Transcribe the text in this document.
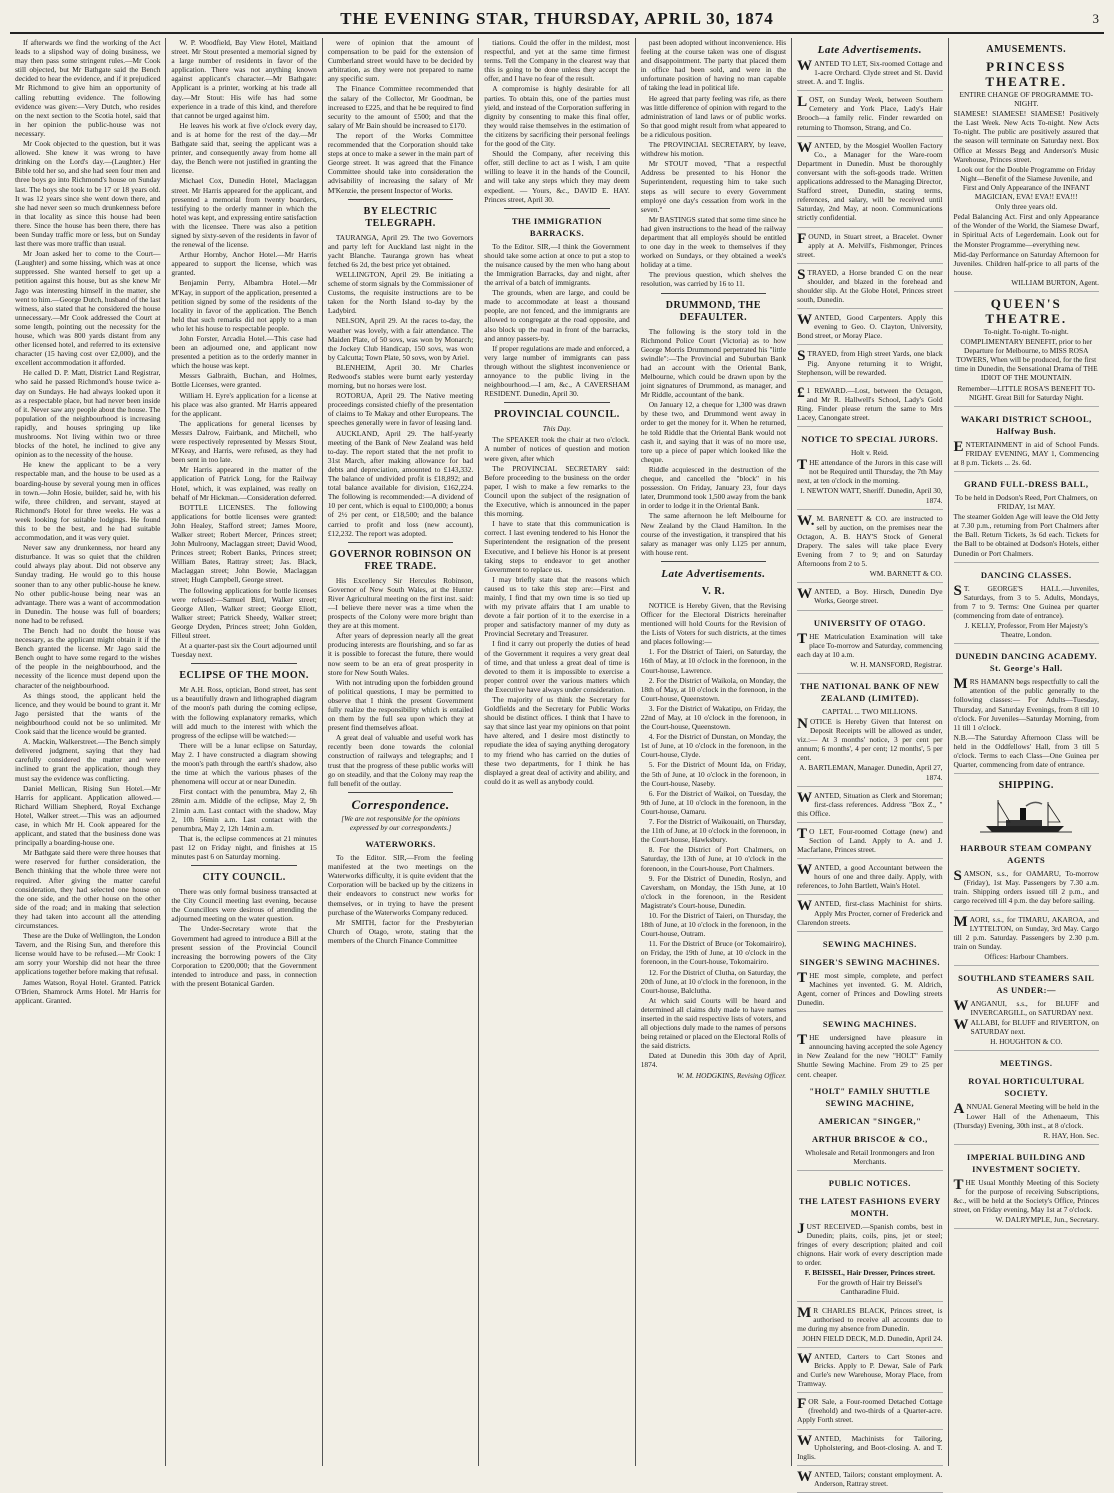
THE EVENING STAR, THURSDAY, APRIL 30, 1874	3

If afterwards we find the working of the Act leads to a slipshod way of doing business, we may then pass some stringent rules.—Mr Cook still objected, but Mr Bathgate said the Bench decided to hear the evidence, and if it prejudiced Mr Richmond to give him an opportunity of calling rebutting evidence. The following evidence was given:—Very Dutch, who resides on the next section to the Scotia hotel, said that in her opinion the public-house was not necessary.

Mr Cook objected to the question, but it was allowed. She knew it was wrong to have drinking on the Lord's day.—(Laughter.) Her Bible told her so, and she had seen four men and three boys go into Richmond's house on Sunday last. The boys she took to be 17 or 18 years old. It was 12 years since she went down there, and she had never seen so much drunkenness before in that locality as since this house had been there. Since the house has been there, there has been Sunday traffic more or less, but on Sunday last there was more traffic than usual.

Mr Joan asked her to come to the Court—(Laughter) and some hissing, which was at once suppressed. She wanted herself to get up a petition against this house, but as she knew Mr Jago was interesting himself in the matter, she went to him.—George Dutch, husband of the last witness, also stated that he considered the house unnecessary.—Mr Cook addressed the Court at some length, pointing out the necessity for the house, which was 800 yards distant from any other licensed hotel, and referred to its extensive character (15 having cost over £2,000), and the excellent accommodation it afforded.

He called D. P. Matt, District Land Registrar, who said he passed Richmond's house twice a-day on Sundays. He had always looked upon it as a respectable place, but had never been inside of it. Never saw any people about the house. The population of the neighbourhood is increasing rapidly, and houses springing up like mushrooms. Not living within two or three blocks of the hotel, he inclined to give any opinion as to the necessity of the house.

He knew the applicant to be a very respectable man, and the house to be used as a boarding-house by several young men in offices in town.—John Hosie, builder, said he, with his wife, three children, and servant, stayed at Richmond's Hotel for three weeks. He was a week looking for suitable lodgings. He found this to be the best, and he had suitable accommodation, and it was very quiet.

Never saw any drunkenness, nor heard any disturbance. It was so quiet that the children could always play about. Did not observe any Sunday trading. He would go to this house sooner than to any other public-house he knew. No other public-house being near was an advantage. There was a want of accommodation in Dunedin. The house was full of boarders; none had to be refused.

The Bench had no doubt the house was necessary, as the applicant might obtain it if the Bench granted the license. Mr Jago said the Bench ought to have some regard to the wishes of the people in the neighbourhood, and the necessity of the licence must depend upon the character of the neighbourhood.

As things stood, the applicant held the licence, and they would be bound to grant it. Mr Jago persisted that the wants of the neighbourhood could not be so unlimited. Mr Cook said that the licence would be granted.

A. Mackin, Walkerstreet.—The Bench simply delivered judgment, saying that they had carefully considered the matter and were inclined to grant the application, though they must say the evidence was conflicting.

Daniel Mellican, Rising Sun Hotel.—Mr Harris for applicant. Application allowed.—Richard William Shepherd, Royal Exchange Hotel, Walker street.—This was an adjourned case, in which Mr H. Cook appeared for the applicant, and stated that the business done was principally a boarding-house one.

Mr Bathgate said there were three houses that were reserved for further consideration, the Bench thinking that the whole three were not required. After giving the matter careful consideration, they had selected one house on the one side, and the other house on the other side of the road; and in making that selection they had taken into account all the attending circumstances.

These are the Duke of Wellington, the London Tavern, and the Rising Sun, and therefore this license would have to be refused.—Mr Cook: I am sorry your Worship did not hear the three applications together before making that refusal.

James Watson, Royal Hotel. Granted. Patrick O'Brien, Shamrock Arms Hotel. Mr Harris for applicant. Granted.

W. P. Woodfield, Bay View Hotel, Maitland street. Mr Stout presented a memorial signed by a large number of residents in favor of the application. There was not anything known against applicant's character.—Mr Bathgate: Applicant is a printer, working at his trade all day.—Mr Stout: His wife has had some experience in a trade of this kind, and therefore that cannot be urged against him.

He leaves his work at five o'clock every day, and is at home for the rest of the day.—Mr Bathgate said that, seeing the applicant was a printer, and consequently away from home all day, the Bench were not justified in granting the license.

Michael Cox, Dunedin Hotel, Maclaggan street. Mr Harris appeared for the applicant, and presented a memorial from twenty boarders, testifying to the orderly manner in which the hotel was kept, and expressing entire satisfaction with the licensee. There was also a petition signed by sixty-seven of the residents in favor of the renewal of the license.

Arthur Hornby, Anchor Hotel.—Mr Harris appeared to support the license, which was granted.

Benjamin Perry, Albambra Hotel.—Mr M'Kay, in support of the application, presented a petition signed by some of the residents of the locality in favor of the application. The Bench held that such remarks did not apply to a man who let his house to respectable people.

John Forster, Arcadia Hotel.—This case had been an adjourned one, and applicant now presented a petition as to the orderly manner in which the house was kept.

Messrs Galbraith, Buchan, and Holmes, Bottle Licenses, were granted.

William H. Eyre's application for a license at his place was also granted. Mr Harris appeared for the applicant.

The applications for general licenses by Messrs Dalrow, Fairbank, and Mitchell, who were respectively represented by Messrs Stout, M'Keay, and Harris, were refused, as they had been sent in too late.

Mr Harris appeared in the matter of the application of Patrick Long, for the Railway Hotel, which, it was explained, was really on behalf of Mr Hickman.—Consideration deferred.

BOTTLE LICENSES. The following applications for bottle licenses were granted: John Healey, Stafford street; James Moore, Walker street; Robert Mercer, Princes street; John Mulroony, Maclaggan street; David Wood, Princes street; Robert Banks, Princes street; William Bates, Rattray street; Jas. Black, Maclaggan street; John Bowie, Maclaggan street; Hugh Campbell, George street.

The following applications for bottle licenses were refused:—Samuel Bird, Walker street; George Allen, Walker street; George Eliott, Walker street; Patrick Sheedy, Walker street; George Dryden, Princes street; John Golden, Filleul street.

At a quarter-past six the Court adjourned until Tuesday next.

ECLIPSE OF THE MOON.

Mr A.H. Ross, optician, Bond street, has sent us a beautifully drawn and lithographed diagram of the moon's path during the coming eclipse, with the following explanatory remarks, which will add much to the interest with which the progress of the eclipse will be watched:—

There will be a lunar eclipse on Saturday, May 2. I have constructed a diagram showing the moon's path through the earth's shadow, also the time at which the various phases of the phenomena will occur at or near Dunedin.

First contact with the penumbra, May 2, 6h 28min a.m. Middle of the eclipse, May 2, 9h 21min a.m. Last contact with the shadow, May 2, 10h 56min a.m. Last contact with the penumbra, May 2, 12h 14min a.m.

That is, the eclipse commences at 21 minutes past 12 on Friday night, and finishes at 15 minutes past 6 on Saturday morning.

CITY COUNCIL.

There was only formal business transacted at the City Council meeting last evening, because the Councillors were desirous of attending the adjourned meeting on the water question.

The Under-Secretary wrote that the Government had agreed to introduce a Bill at the present session of the Provincial Council increasing the borrowing powers of the City Corporation to £200,000; that the Government intended to introduce and pass, in connection with the present Botanical Garden.

were of opinion that the amount of compensation to be paid for the extension of Cumberland street would have to be decided by arbitration, as they were not prepared to name any specific sum.

The Finance Committee recommended that the salary of the Collector, Mr Goodman, be increased to £225, and that he be required to find security to the amount of £500; and that the salary of Mr Bain should be increased to £170.

The report of the Works Committee recommended that the Corporation should take steps at once to make a sewer in the main part of George street. It was agreed that the Finance Committee should take into consideration the advisability of increasing the salary of Mr M'Kenzie, the present Inspector of Works.

BY ELECTRIC TELEGRAPH.

TAURANGA, April 29. The two Governors and party left for Auckland last night in the yacht Blanche. Tauranga grown has wheat fetched 6s 2d, the best price yet obtained.

WELLINGTON, April 29. Be initiating a scheme of storm signals by the Commissioner of Customs, the requisite instructions are to be taken for the North Island to-day by the Ladybird.

NELSON, April 29. At the races to-day, the weather was lovely, with a fair attendance. The Maiden Plate, of 50 sovs, was won by Monarch; the Jockey Club Handicap, 150 sovs, was won by Calcutta; Town Plate, 50 sovs, won by Ariel.

BLENHEIM, April 30. Mr Charles Redwood's stables were burnt early yesterday morning, but no horses were lost.

ROTORUA, April 29. The Native meeting proceedings consisted chiefly of the presentation of claims to Te Makay and other Europeans. The speeches generally were in favor of leasing land.

AUCKLAND, April 29. The half-yearly meeting of the Bank of New Zealand was held to-day. The report stated that the net profit to 31st March, after making allowance for bad debts and depreciation, amounted to £143,332. The balance of undivided profit is £18,892; and total balance available for division, £162,224. The following is recommended:—A dividend of 10 per cent, which is equal to £100,000; a bonus of 2½ per cent, or £18,500; and the balance carried to profit and loss (new account), £12,232. The report was adopted.

GOVERNOR ROBINSON ON FREE TRADE.

His Excellency Sir Hercules Robinson, Governor of New South Wales, at the Hunter River Agricultural meeting on the first inst. said:—I believe there never was a time when the prospects of the Colony were more bright than they are at this moment.

After years of depression nearly all the great producing interests are flourishing, and so far as it is possible to forecast the future, there would now seem to be an era of great prosperity in store for New South Wales.

With not intruding upon the forbidden ground of political questions, I may be permitted to observe that I think the present Government fully realize the responsibility which is entailed on them by the full sea upon which they at present find themselves afloat.

A great deal of valuable and useful work has recently been done towards the colonial construction of railways and telegraphs; and I trust that the progress of these public works will go on steadily, and that the Colony may reap the full benefit of the outlay.

Correspondence.
[We are not responsible for the opinions expressed by our correspondents.]
WATERWORKS.

To the Editor. SIR,—From the feeling manifested at the two meetings on the Waterworks difficulty, it is quite evident that the Corporation will be backed up by the citizens in their endeavors to construct new works for themselves, or in trying to have the present purchase of the Waterworks Company reduced.

Mr SMITH, factor for the Presbyterian Church of Otago, wrote, stating that the members of the Church Finance Committee

tiations. Could the offer in the mildest, most respectful, and yet at the same time firmest terms. Tell the Company in the clearest way that this is going to be done unless they accept the offer, and I have no fear of the result.

A compromise is highly desirable for all parties. To obtain this, one of the parties must yield, and instead of the Corporation suffering in dignity by consenting to make this final offer, they would raise themselves in the estimation of the citizens by sacrificing their personal feelings for the good of the City.

Should the Company, after receiving this offer, still decline to act as I wish, I am quite willing to leave it in the hands of the Council, and will take any steps which they may deem expedient. — Yours, &c., DAVID E. HAY. Princes street, April 30.

THE IMMIGRATION BARRACKS.

To the Editor. SIR,—I think the Government should take some action at once to put a stop to the nuisance caused by the men who hang about the Immigration Barracks, day and night, after the arrival of a batch of immigrants.

The grounds, when are large, and could be made to accommodate at least a thousand people, are not fenced, and the immigrants are allowed to congregate at the road opposite, and also block up the road in front of the barracks, and annoy passers-by.

If proper regulations are made and enforced, a very large number of immigrants can pass through without the slightest inconvenience or annoyance to the public living in the neighbourhood.—I am, &c., A CAVERSHAM RESIDENT. Dunedin, April 30.

PROVINCIAL COUNCIL.
This Day.

The SPEAKER took the chair at two o'clock. A number of notices of question and motion were given, after which

The PROVINCIAL SECRETARY said: Before proceeding to the business on the order paper, I wish to make a few remarks to the Council upon the subject of the resignation of the Executive, which is announced in the paper this morning.

I have to state that this communication is correct. I last evening tendered to his Honor the Superintendent the resignation of the present Executive, and I believe his Honor is at present taking steps to endeavor to get another Government to replace us.

I may briefly state that the reasons which caused us to take this step are:—First and mainly, I find that my own time is so tied up with my private affairs that I am unable to devote a fair portion of it to the exercise in a proper and satisfactory manner of my duty as Provincial Secretary and Treasurer.

I find it carry out properly the duties of head of the Government it requires a very great deal of time, and that unless a great deal of time is devoted to them it is impossible to exercise a proper control over the various matters which the Executive have always under consideration.

The majority of us think the Secretary for Goldfields and the Secretary for Public Works should be distinct offices. I think that I have to say that since last year my opinions on that point have altered, and I desire most distinctly to repudiate the idea of saying anything derogatory to my friend who has carried on the duties of these two departments, for I think he has displayed a great deal of activity and ability, and could do it as well as anybody could.

past been adopted without inconvenience. His feeling at the course taken was one of disgust and disappointment. The party that placed them in office had been sold, and were in the unfortunate position of having no man capable of taking the lead in political life.

He agreed that party feeling was rife, as there was little difference of opinion with regard to the administration of land laws or of public works. So that good might result from what appeared to be a ridiculous position.

The PROVINCIAL SECRETARY, by leave, withdrew his motion.

Mr STOUT moved, "That a respectful Address be presented to his Honor the Superintendent, requesting him to take such steps as will secure to every Government employé one day's cessation from work in the seven."

Mr BASTINGS stated that some time since he had given instructions to the head of the railway department that all employés should be entitled to one day in the week to themselves if they worked on Sundays, or they obtained a week's holiday at a time.

The previous question, which shelves the resolution, was carried by 16 to 11.

DRUMMOND, THE DEFAULTER.

The following is the story told in the Richmond Police Court (Victoria) as to how George Morris Drummond perpetrated his "little swindle":—The Provincial and Suburban Bank had an account with the Oriental Bank, Melbourne, which could be drawn upon by the joint signatures of Drummond, as manager, and Mr Riddle, accountant of the bank.

On January 12, a cheque for 1,300 was drawn by these two, and Drummond went away in order to get the money for it. When he returned, he told Riddle that the Oriental Bank would not cash it, and saying that it was of no more use, tore up a piece of paper which looked like the cheque.

Riddle acquiesced in the destruction of the cheque, and cancelled the "block" in his possession. On Friday, January 23, four days later, Drummond took 1,500 away from the bank in order to lodge it in the Oriental Bank.

The same afternoon he left Melbourne for New Zealand by the Claud Hamilton. In the course of the investigation, it transpired that his salary as manager was only L125 per annum, with house rent.

Late Advertisements.
V. R.

NOTICE is Hereby Given, that the Revising Officer for the Electoral Districts hereinafter mentioned will hold Courts for the Revision of the Lists of Voters for such districts, at the times and places following:—

1. For the District of Taieri, on Saturday, the 16th of May, at 10 o'clock in the forenoon, in the Court-house, Lawrence.

2. For the District of Waikola, on Monday, the 18th of May, at 10 o'clock in the forenoon, in the Court-house, Queenstown.

3. For the District of Wakatipu, on Friday, the 22nd of May, at 10 o'clock in the forenoon, in the Court-house, Queenstown.

4. For the District of Dunstan, on Monday, the 1st of June, at 10 o'clock in the forenoon, in the Court-house, Clyde.

5. For the District of Mount Ida, on Friday, the 5th of June, at 10 o'clock in the forenoon, in the Court-house, Naseby.

6. For the District of Waikoi, on Tuesday, the 9th of June, at 10 o'clock in the forenoon, in the Court-house, Oamaru.

7. For the District of Waikouaiti, on Thursday, the 11th of June, at 10 o'clock in the forenoon, in the Court-house, Hawksbury.

8. For the District of Port Chalmers, on Saturday, the 13th of June, at 10 o'clock in the forenoon, in the Court-house, Port Chalmers.

9. For the District of Dunedin, Roslyn, and Caversham, on Monday, the 15th June, at 10 o'clock in the forenoon, in the Resident Magistrate's Court-house, Dunedin.

10. For the District of Taieri, on Thursday, the 18th of June, at 10 o'clock in the forenoon, in the Court-house, Outram.

11. For the District of Bruce (or Tokomairiro), on Friday, the 19th of June, at 10 o'clock in the forenoon, in the Court-house, Tokomairiro.

12. For the District of Clutha, on Saturday, the 20th of June, at 10 o'clock in the forenoon, in the Court-house, Balclutha.

At which said Courts will be heard and determined all claims duly made to have names inserted in the said respective lists of voters, and all objections duly made to the names of persons being retained or placed on the Electoral Rolls of the said districts.

Dated at Dunedin this 30th day of April, 1874.

W. M. HODGKINS, Revising Officer.
Late Advertisements.

WANTED TO LET, Six-roomed Cottage and 1-acre Orchard. Clyde street and St. David street. A. and T. Inglis.

LOST, on Sunday Week, between Southern Cemetery and York Place, Lady's Hair Brooch—a family relic. Finder rewarded on returning to Thomson, Strang, and Co.

WANTED, by the Mosgiel Woollen Factory Co., a Manager for the Ware-room Department in Dunedin. Must be thoroughly conversant with the soft-goods trade. Written applications addressed to the Managing Director, Stafford street, Dunedin, stating terms, references, and salary, will be received until Saturday, 2nd May, at noon. Communications strictly confidential.

FOUND, in Stuart street, a Bracelet. Owner apply at A. Melvill's, Fishmonger, Princes street.

STRAYED, a Horse branded C on the near shoulder, and blazed in the forehead and shoulder slip. At the Globe Hotel, Princes street south, Dunedin.

WANTED, Good Carpenters. Apply this evening to Geo. O. Clayton, University, Bond street, or Moray Place.

STRAYED, from High street Yards, one black Pig. Anyone returning it to Wright, Stephenson, will be rewarded.

£1 REWARD.—Lost, between the Octagon, and Mr R. Hallwell's School, Lady's Gold Ring. Finder please return the same to Mrs Lacey, Canongate street.

NOTICE TO SPECIAL JURORS.

Holt v. Reid.

THE attendance of the Jurors in this case will not be Required until Thursday, the 7th May next, at ten o'clock in the morning.

I. NEWTON WATT, Sheriff. Dunedin, April 30, 1874.

W.M. BARNETT & CO. are instructed to sell by auction, on the premises near the Octagon, A. B. HAY'S Stock of General Drapery. The sales will take place Every Evening from 7 to 9; and on Saturday Afternoons from 2 to 5.

WM. BARNETT & CO.

WANTED, a Boy. Hirsch, Dunedin Dye Works, George street.

UNIVERSITY OF OTAGO.

THE Matriculation Examination will take place To-morrow and Saturday, commencing each day at 10 a.m.

W. H. MANSFORD, Registrar.

THE NATIONAL BANK OF NEW ZEALAND (LIMITED).

CAPITAL ... TWO MILLIONS.

NOTICE is Hereby Given that Interest on Deposit Receipts will be allowed as under, viz.:— At 3 months' notice, 3 per cent per annum; 6 months', 4 per cent; 12 months', 5 per cent.

A. BARTLEMAN, Manager. Dunedin, April 27, 1874.

WANTED, Situation as Clerk and Storeman; first-class references. Address "Box Z., " this Office.

TO LET, Four-roomed Cottage (new) and Section of Land. Apply to A. and J. Macfarlane, Princes street.

WANTED, a good Accountant between the hours of one and three daily. Apply, with references, to John Bartlett, Wain's Hotel.

WANTED, first-class Machinist for shirts. Apply Mrs Procter, corner of Frederick and Clarendon streets.

SEWING MACHINES.
SINGER'S SEWING MACHINES.

THE most simple, complete, and perfect Machines yet invented. G. M. Aldrich, Agent, corner of Princes and Dowling streets Dunedin.

SEWING MACHINES.

THE undersigned have pleasure in announcing having accepted the sole Agency in New Zealand for the new "HOLT" Family Shuttle Sewing Machine. From 29 to 25 per cent. cheaper.

"HOLT" FAMILY SHUTTLE SEWING MACHINE,
AMERICAN "SINGER,"
ARTHUR BRISCOE & CO.,

Wholesale and Retail Ironmongers and Iron Merchants.

PUBLIC NOTICES.
THE LATEST FASHIONS EVERY MONTH.

JUST RECEIVED.—Spanish combs, best in Dunedin; plaits, coils, pins, jet or steel; fringes of every description; plaited and coil chignons. Hair work of every description made to order.

F. BEISSEL, Hair Dresser, Princes street.

For the growth of Hair try Beissel's Cantharadine Fluid.

MR CHARLES BLACK, Princes street, is authorised to receive all accounts due to me during my absence from Dunedin.

JOHN FIELD DECK, M.D. Dunedin, April 24.

WANTED, Carters to Cart Stones and Bricks. Apply to P. Dewar, Sale of Park and Curle's new Warehouse, Moray Place, from Tramway.

FOR Sale, a Four-roomed Detached Cottage (freehold) and two-thirds of a Quarter-acre. Apply Forth street.

WANTED, Machinists for Tailoring, Upholstering, and Boot-closing. A. and T. Inglis.

WANTED, Tailors; constant employment. A. Anderson, Rattray street.

AMUSEMENTS.

PRINCESS THEATRE.

ENTIRE CHANGE OF PROGRAMME TO-NIGHT.

SIAMESE! SIAMESE! SIAMESE! Positively the Last Week. New Acts To-night. New Acts To-night. The public are positively assured that the season will terminate on Saturday next. Box Office at Messrs Begg and Anderson's Music Warehouse, Princes street.

Look out for the Double Programme on Friday Night—Benefit of the Siamese Juvenile, and First and Only Appearance of the INFANT MAGICIAN, EVA! EVA!! EVA!!!

Only three years old.

Pedal Balancing Act. First and only Appearance of the Wonder of the World, the Siamese Dwarf, in Spiritual Acts of Legerdemain. Look out for the Monster Programme—everything new.

Mid-day Performance on Saturday Afternoon for Juveniles. Children half-price to all parts of the house.

WILLIAM BURTON, Agent.

QUEEN'S THEATRE.

To-night. To-night. To-night.

COMPLIMENTARY BENEFIT, prior to her Departure for Melbourne, to MISS ROSA TOWERS, When will be produced, for the first time in Dunedin, the Sensational Drama of THE IDIOT OF THE MOUNTAIN.

Remember—LITTLE ROSA'S BENEFIT TO-NIGHT. Great Bill for Saturday Night.

WAKARI DISTRICT SCHOOL, Halfway Bush.

ENTERTAINMENT in aid of School Funds. FRIDAY EVENING, MAY 1, Commencing at 8 p.m. Tickets ... 2s. 6d.

GRAND FULL-DRESS BALL,

To be held in Dodson's Reed, Port Chalmers, on FRIDAY, 1st MAY.

The steamer Golden Age will leave the Old Jetty at 7.30 p.m., returning from Port Chalmers after the Ball. Return Tickets, 3s 6d each. Tickets for the Ball to be obtained at Dodson's Hotels, either Dunedin or Port Chalmers.

DANCING CLASSES.

ST. GEORGE'S HALL.—Juveniles, Saturdays, from 3 to 5. Adults, Mondays, from 7 to 9. Terms: One Guinea per quarter (commencing from date of entrance).

J. KELLY, Professor, From Her Majesty's Theatre, London.

DUNEDIN DANCING ACADEMY. St. George's Hall.

MRS HAMANN begs respectfully to call the attention of the public generally to the following classes:— For Adults—Tuesday, Thursday, and Saturday Evenings, from 8 till 10 o'clock. For Juveniles—Saturday Morning, from 11 till 1 o'clock.

N.B.—The Saturday Afternoon Class will be held in the Oddfellows' Hall, from 3 till 5 o'clock. Terms to each Class—One Guinea per Quarter, commencing from date of entrance.

SHIPPING.
HARBOUR STEAM COMPANY AGENTS

SAMSON, s.s., for OAMARU, To-morrow (Friday), 1st May. Passengers by 7.30 a.m. train. Shipping orders issued till 2 p.m., and cargo received till 4 p.m. the day before sailing.

MAORI, s.s., for TIMARU, AKAROA, and LYTTELTON, on Sunday, 3rd May. Cargo till 2 p.m. Saturday. Passengers by 2.30 p.m. train on Sunday.

Offices: Harbour Chambers.

SOUTHLAND STEAMERS SAIL AS UNDER:—

WANGANUI, s.s., for BLUFF and INVERCARGILL, on SATURDAY next.

WALLABI, for BLUFF and RIVERTON, on SATURDAY next.

H. HOUGHTON & CO.

MEETINGS.
ROYAL HORTICULTURAL SOCIETY.

ANNUAL General Meeting will be held in the Lower Hall of the Athenaeum, This (Thursday) Evening, 30th inst., at 8 o'clock.

R. HAY, Hon. Sec.

IMPERIAL BUILDING AND INVESTMENT SOCIETY.

THE Usual Monthly Meeting of this Society for the purpose of receiving Subscriptions, &c., will be held at the Society's Office, Princes street, on Friday evening, May 1st at 7 o'clock.

W. DALRYMPLE, Jun., Secretary.
